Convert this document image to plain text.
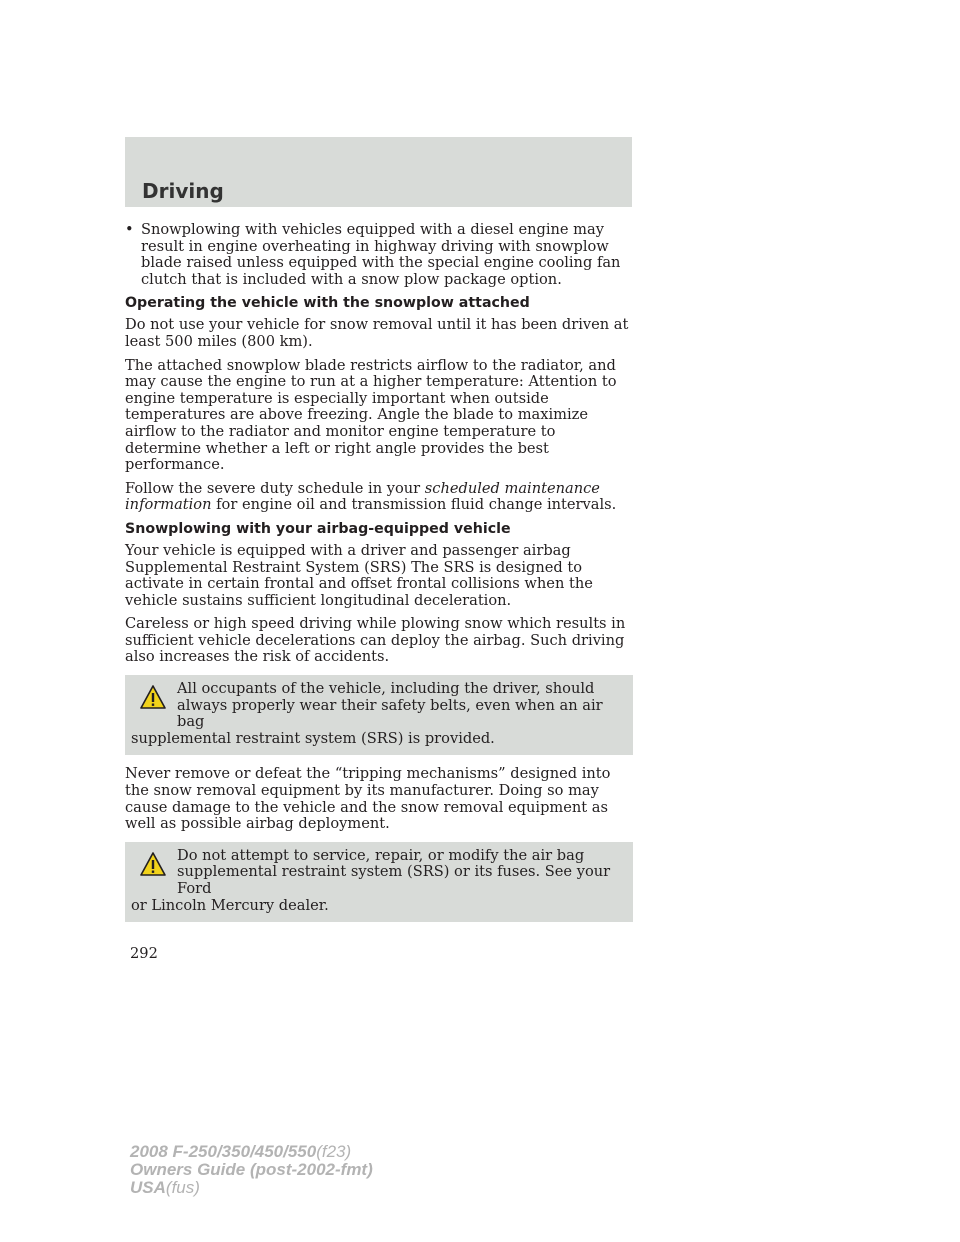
Driving
• Snowplowing with vehicles equipped with a diesel engine may result in engine overheating in highway driving with snowplow blade raised unless equipped with the special engine cooling fan clutch that is included with a snow plow package option.
Operating the vehicle with the snowplow attached

Do not use your vehicle for snow removal until it has been driven at least 500 miles (800 km).

The attached snowplow blade restricts airflow to the radiator, and may cause the engine to run at a higher temperature: Attention to engine temperature is especially important when outside temperatures are above freezing. Angle the blade to maximize airflow to the radiator and monitor engine temperature to determine whether a left or right angle provides the best performance.

Follow the severe duty schedule in your scheduled maintenance information for engine oil and transmission fluid change intervals.

Snowplowing with your airbag-equipped vehicle

Your vehicle is equipped with a driver and passenger airbag Supplemental Restraint System (SRS) The SRS is designed to activate in certain frontal and offset frontal collisions when the vehicle sustains sufficient longitudinal deceleration.

Careless or high speed driving while plowing snow which results in sufficient vehicle decelerations can deploy the airbag. Such driving also increases the risk of accidents.

All occupants of the vehicle, including the driver, should always properly wear their safety belts, even when an air bag
supplemental restraint system (SRS) is provided.

Never remove or defeat the “tripping mechanisms” designed into the snow removal equipment by its manufacturer. Doing so may cause damage to the vehicle and the snow removal equipment as well as possible airbag deployment.

Do not attempt to service, repair, or modify the air bag supplemental restraint system (SRS) or its fuses. See your Ford
or Lincoln Mercury dealer.
292
2008 F-250/350/450/550(f23)
Owners Guide (post-2002-fmt)
USA(fus)
